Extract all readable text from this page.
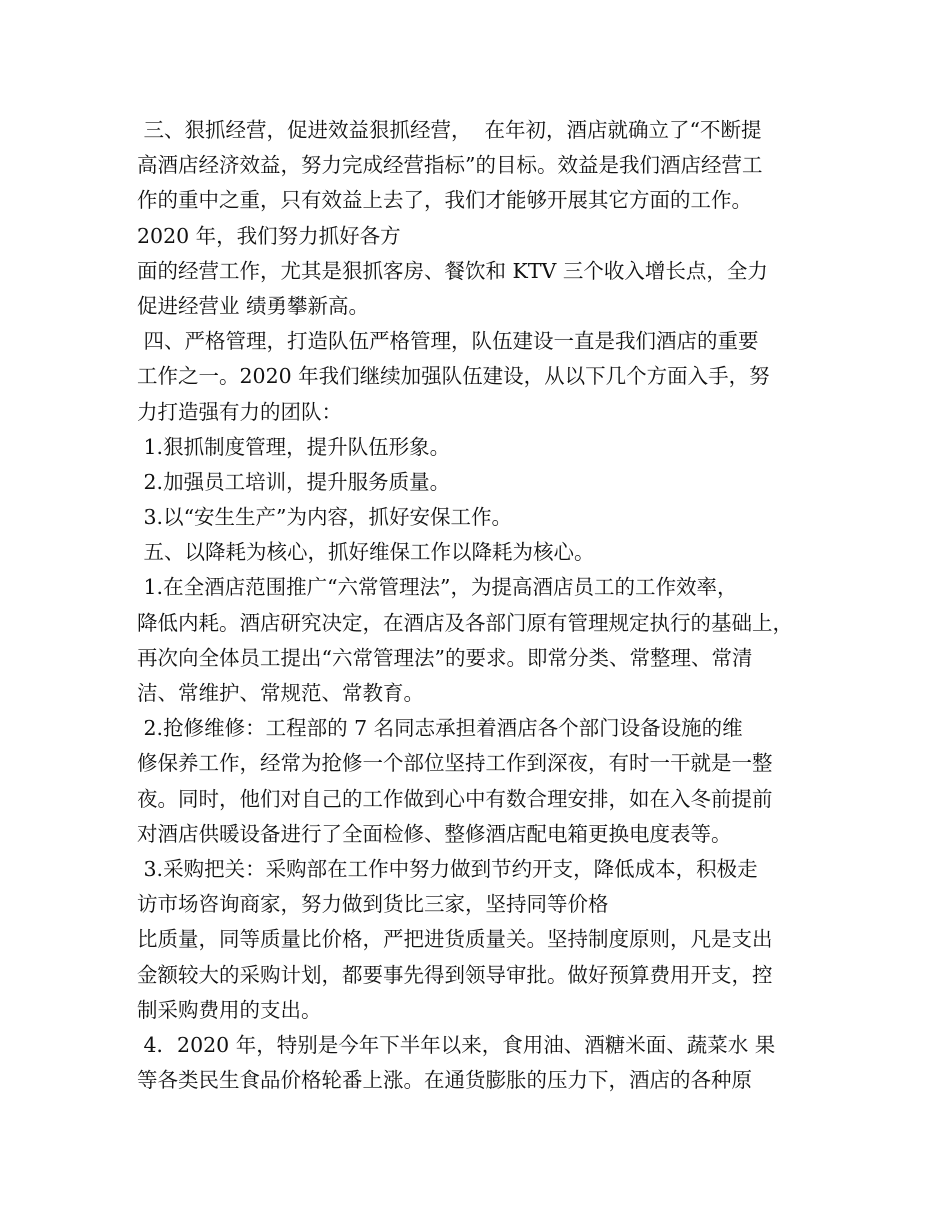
三、狠抓经营，促进效益狠抓经营，  在年初，酒店就确立了“不断提
高酒店经济效益，努力完成经营指标”的目标。效益是我们酒店经营工
作的重中之重，只有效益上去了，我们才能够开展其它方面的工作。
2020 年，我们努力抓好各方
面的经营工作，尤其是狠抓客房、餐饮和 KTV 三个收入增长点，全力
促进经营业 绩勇攀新高。
四、严格管理，打造队伍严格管理，队伍建设一直是我们酒店的重要
工作之一。2020 年我们继续加强队伍建设，从以下几个方面入手，努
力打造强有力的团队：
1.狠抓制度管理，提升队伍形象。
2.加强员工培训，提升服务质量。
3.以“安生生产”为内容，抓好安保工作。
五、以降耗为核心，抓好维保工作以降耗为核心。
1.在全酒店范围推广“六常管理法”，为提高酒店员工的工作效率，
降低内耗。酒店研究决定，在酒店及各部门原有管理规定执行的基础上，
再次向全体员工提出“六常管理法”的要求。即常分类、常整理、常清
洁、常维护、常规范、常教育。
2.抢修维修：工程部的 7 名同志承担着酒店各个部门设备设施的维
修保养工作，经常为抢修一个部位坚持工作到深夜，有时一干就是一整
夜。同时，他们对自己的工作做到心中有数合理安排，如在入冬前提前
对酒店供暖设备进行了全面检修、整修酒店配电箱更换电度表等。
3.采购把关：采购部在工作中努力做到节约开支，降低成本，积极走
访市场咨询商家，努力做到货比三家，坚持同等价格
比质量，同等质量比价格，严把进货质量关。坚持制度原则，凡是支出
金额较大的采购计划，都要事先得到领导审批。做好预算费用开支，控
制采购费用的支出。
4．2020 年，特别是今年下半年以来，食用油、酒糖米面、蔬菜水 果
等各类民生食品价格轮番上涨。在通货膨胀的压力下，酒店的各种原
